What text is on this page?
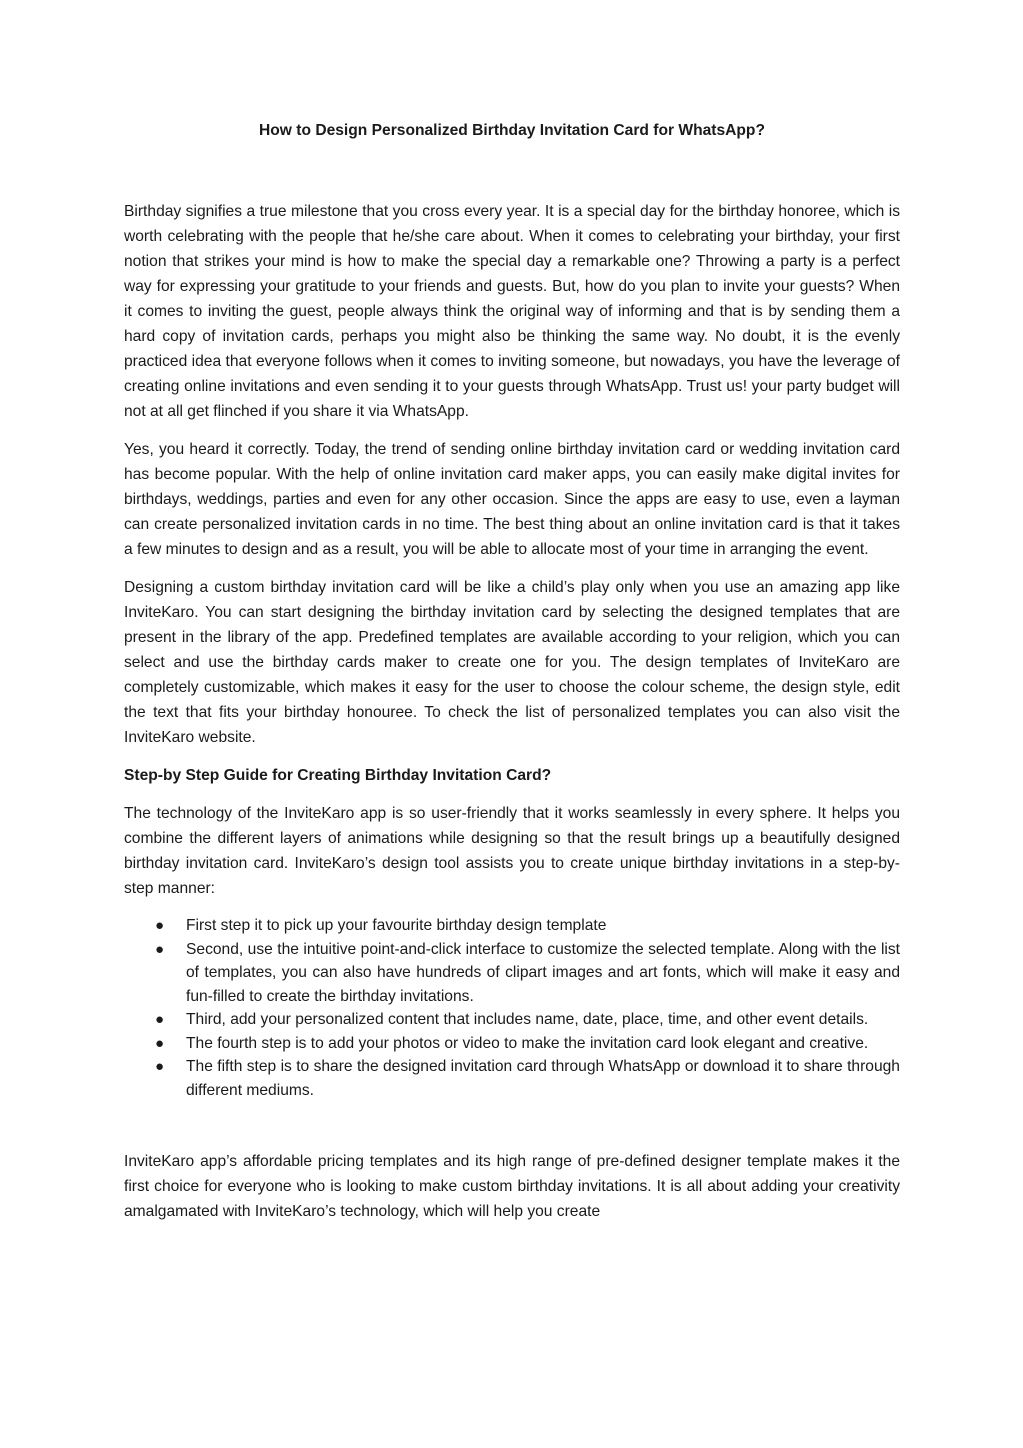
How to Design Personalized Birthday Invitation Card for WhatsApp?

Birthday signifies a true milestone that you cross every year. It is a special day for the birthday honoree, which is worth celebrating with the people that he/she care about. When it comes to celebrating your birthday, your first notion that strikes your mind is how to make the special day a remarkable one? Throwing a party is a perfect way for expressing your gratitude to your friends and guests. But, how do you plan to invite your guests? When it comes to inviting the guest, people always think the original way of informing and that is by sending them a hard copy of invitation cards, perhaps you might also be thinking the same way. No doubt, it is the evenly practiced idea that everyone follows when it comes to inviting someone, but nowadays, you have the leverage of creating online invitations and even sending it to your guests through WhatsApp. Trust us! your party budget will not at all get flinched if you share it via WhatsApp.

Yes, you heard it correctly. Today, the trend of sending online birthday invitation card or wedding invitation card has become popular. With the help of online invitation card maker apps, you can easily make digital invites for birthdays, weddings, parties and even for any other occasion. Since the apps are easy to use, even a layman can create personalized invitation cards in no time. The best thing about an online invitation card is that it takes a few minutes to design and as a result, you will be able to allocate most of your time in arranging the event.

Designing a custom birthday invitation card will be like a child’s play only when you use an amazing app like InviteKaro. You can start designing the birthday invitation card by selecting the designed templates that are present in the library of the app. Predefined templates are available according to your religion, which you can select and use the birthday cards maker to create one for you. The design templates of InviteKaro are completely customizable, which makes it easy for the user to choose the colour scheme, the design style, edit the text that fits your birthday honouree. To check the list of personalized templates you can also visit the InviteKaro website.

Step-by Step Guide for Creating Birthday Invitation Card?

The technology of the InviteKaro app is so user-friendly that it works seamlessly in every sphere. It helps you combine the different layers of animations while designing so that the result brings up a beautifully designed birthday invitation card. InviteKaro’s design tool assists you to create unique birthday invitations in a step-by-step manner:

● First step it to pick up your favourite birthday design template
● Second, use the intuitive point-and-click interface to customize the selected template. Along with the list of templates, you can also have hundreds of clipart images and art fonts, which will make it easy and fun-filled to create the birthday invitations.
● Third, add your personalized content that includes name, date, place, time, and other event details.
● The fourth step is to add your photos or video to make the invitation card look elegant and creative.
● The fifth step is to share the designed invitation card through WhatsApp or download it to share through different mediums.

InviteKaro app’s affordable pricing templates and its high range of pre-defined designer template makes it the first choice for everyone who is looking to make custom birthday invitations. It is all about adding your creativity amalgamated with InviteKaro’s technology, which will help you create
